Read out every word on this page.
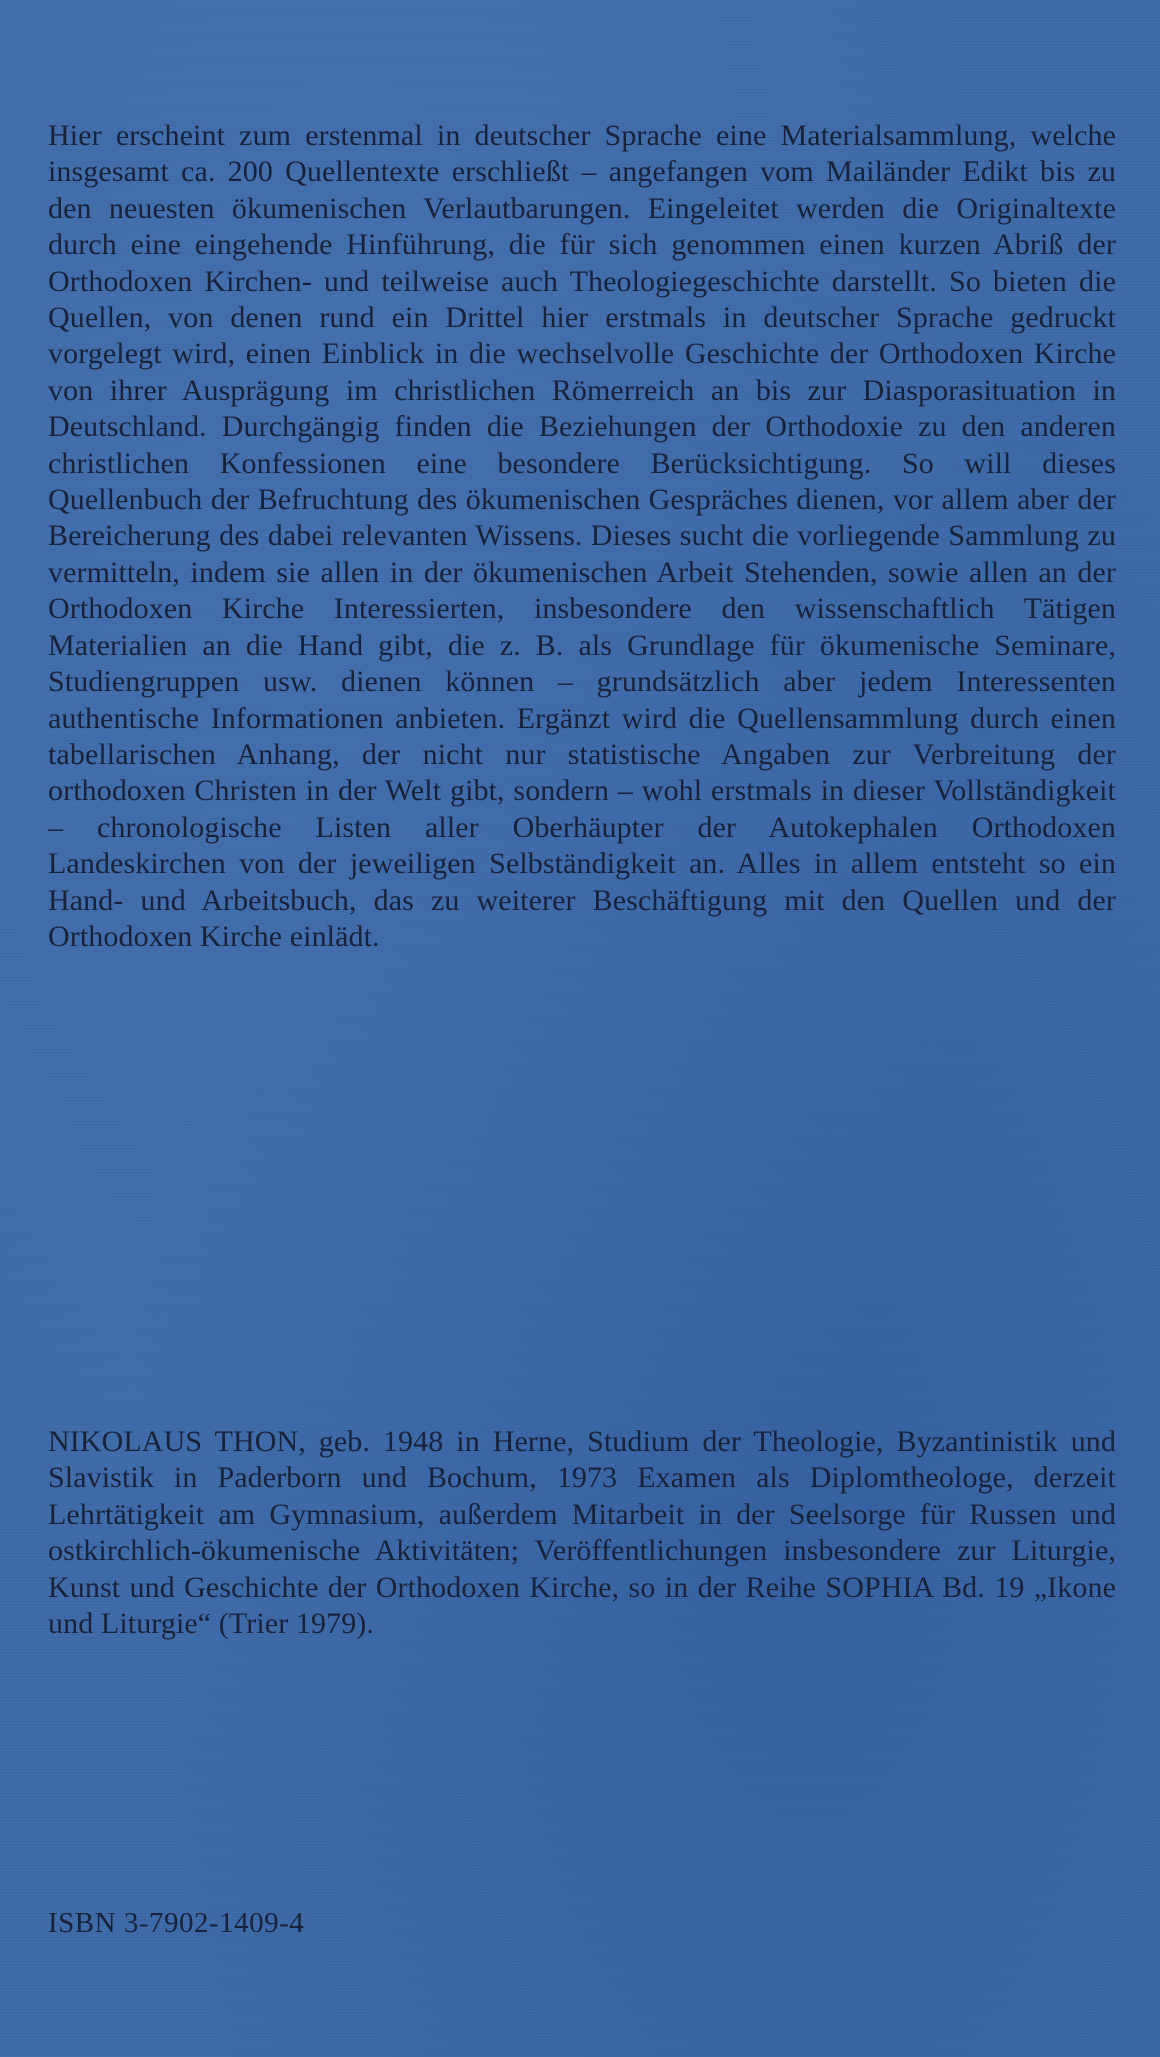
Hier erscheint zum erstenmal in deutscher Sprache eine Materialsammlung, welche insgesamt ca. 200 Quellentexte erschließt – angefangen vom Mailänder Edikt bis zu den neuesten ökumenischen Verlautbarungen. Eingeleitet werden die Originaltexte durch eine eingehende Hinführung, die für sich genommen einen kurzen Abriß der Orthodoxen Kirchen- und teilweise auch Theologiegeschichte darstellt. So bieten die Quellen, von denen rund ein Drittel hier erstmals in deutscher Sprache gedruckt vorgelegt wird, einen Einblick in die wechselvolle Geschichte der Orthodoxen Kirche von ihrer Ausprägung im christlichen Römerreich an bis zur Diasporasituation in Deutschland. Durchgängig finden die Beziehungen der Orthodoxie zu den anderen christlichen Konfessionen eine besondere Berücksichtigung. So will dieses Quellenbuch der Befruchtung des ökumenischen Gespräches dienen, vor allem aber der Bereicherung des dabei relevanten Wissens. Dieses sucht die vorliegende Sammlung zu vermitteln, indem sie allen in der ökumenischen Arbeit Stehenden, sowie allen an der Orthodoxen Kirche Interessierten, insbesondere den wissenschaftlich Tätigen Materialien an die Hand gibt, die z. B. als Grundlage für ökumenische Seminare, Studiengruppen usw. dienen können – grundsätzlich aber jedem Interessenten authentische Informationen anbieten. Ergänzt wird die Quellensammlung durch einen tabellarischen Anhang, der nicht nur statistische Angaben zur Verbreitung der orthodoxen Christen in der Welt gibt, sondern – wohl erstmals in dieser Vollständigkeit – chronologische Listen aller Oberhäupter der Autokephalen Orthodoxen Landeskirchen von der jeweiligen Selbständigkeit an. Alles in allem entsteht so ein Hand- und Arbeitsbuch, das zu weiterer Beschäftigung mit den Quellen und der Orthodoxen Kirche einlädt.

NIKOLAUS THON, geb. 1948 in Herne, Studium der Theologie, Byzantinistik und Slavistik in Paderborn und Bochum, 1973 Examen als Diplomtheologe, derzeit Lehrtätigkeit am Gymnasium, außerdem Mitarbeit in der Seelsorge für Russen und ostkirchlich-ökumenische Aktivitäten; Veröffentlichungen insbesondere zur Liturgie, Kunst und Geschichte der Orthodoxen Kirche, so in der Reihe SOPHIA Bd. 19 „Ikone und Liturgie“ (Trier 1979).

ISBN 3-7902-1409-4
